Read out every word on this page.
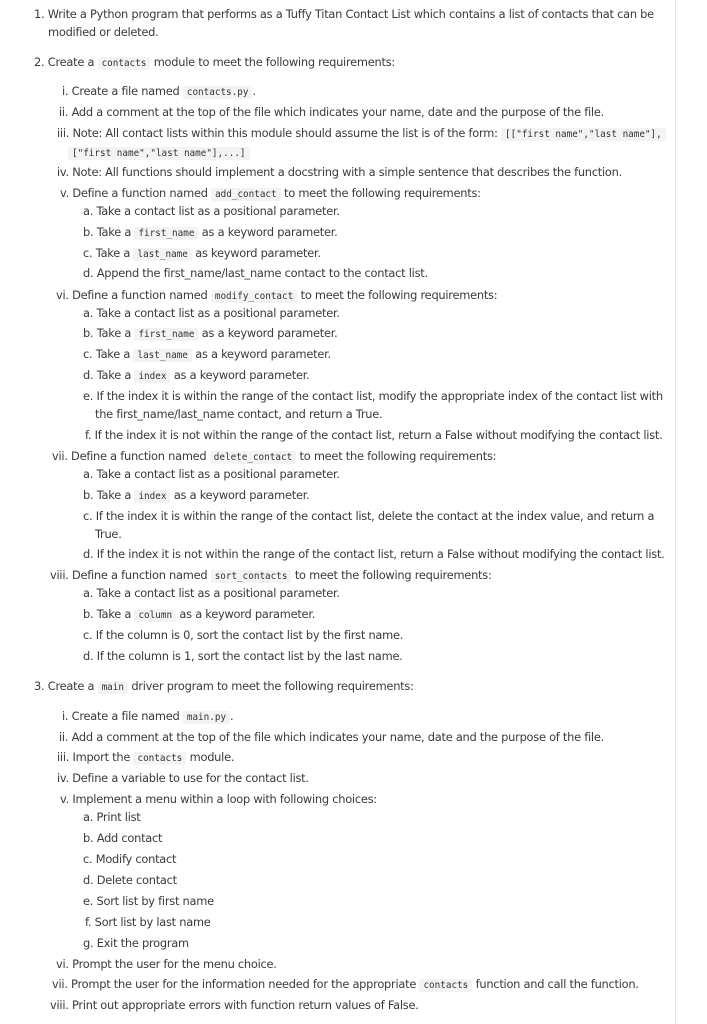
1. Write a Python program that performs as a Tuffy Titan Contact List which contains a list of contacts that can be
modified or deleted.
2. Create a contacts module to meet the following requirements:
i. Create a file named contacts.py .
ii. Add a comment at the top of the file which indicates your name, date and the purpose of the file.
iii. Note: All contact lists within this module should assume the list is of the form: [["first name","last name"],
["first name","last name"],...]
iv. Note: All functions should implement a docstring with a simple sentence that describes the function.
v. Define a function named add_contact to meet the following requirements:
a. Take a contact list as a positional parameter.
b. Take a first_name as a keyword parameter.
c. Take a last_name as keyword parameter.
d. Append the first_name/last_name contact to the contact list.
vi. Define a function named modify_contact to meet the following requirements:
a. Take a contact list as a positional parameter.
b. Take a first_name as a keyword parameter.
c. Take a last_name as a keyword parameter.
d. Take a index as a keyword parameter.
e. If the index it is within the range of the contact list, modify the appropriate index of the contact list with
the first_name/last_name contact, and return a True.
f. If the index it is not within the range of the contact list, return a False without modifying the contact list.
vii. Define a function named delete_contact to meet the following requirements:
a. Take a contact list as a positional parameter.
b. Take a index as a keyword parameter.
c. If the index it is within the range of the contact list, delete the contact at the index value, and return a
True.
d. If the index it is not within the range of the contact list, return a False without modifying the contact list.
viii. Define a function named sort_contacts to meet the following requirements:
a. Take a contact list as a positional parameter.
b. Take a column as a keyword parameter.
c. If the column is 0, sort the contact list by the first name.
d. If the column is 1, sort the contact list by the last name.
3. Create a main driver program to meet the following requirements:
i. Create a file named main.py .
ii. Add a comment at the top of the file which indicates your name, date and the purpose of the file.
iii. Import the contacts module.
iv. Define a variable to use for the contact list.
v. Implement a menu within a loop with following choices:
a. Print list
b. Add contact
c. Modify contact
d. Delete contact
e. Sort list by first name
f. Sort list by last name
g. Exit the program
vi. Prompt the user for the menu choice.
vii. Prompt the user for the information needed for the appropriate contacts function and call the function.
viii. Print out appropriate errors with function return values of False.
